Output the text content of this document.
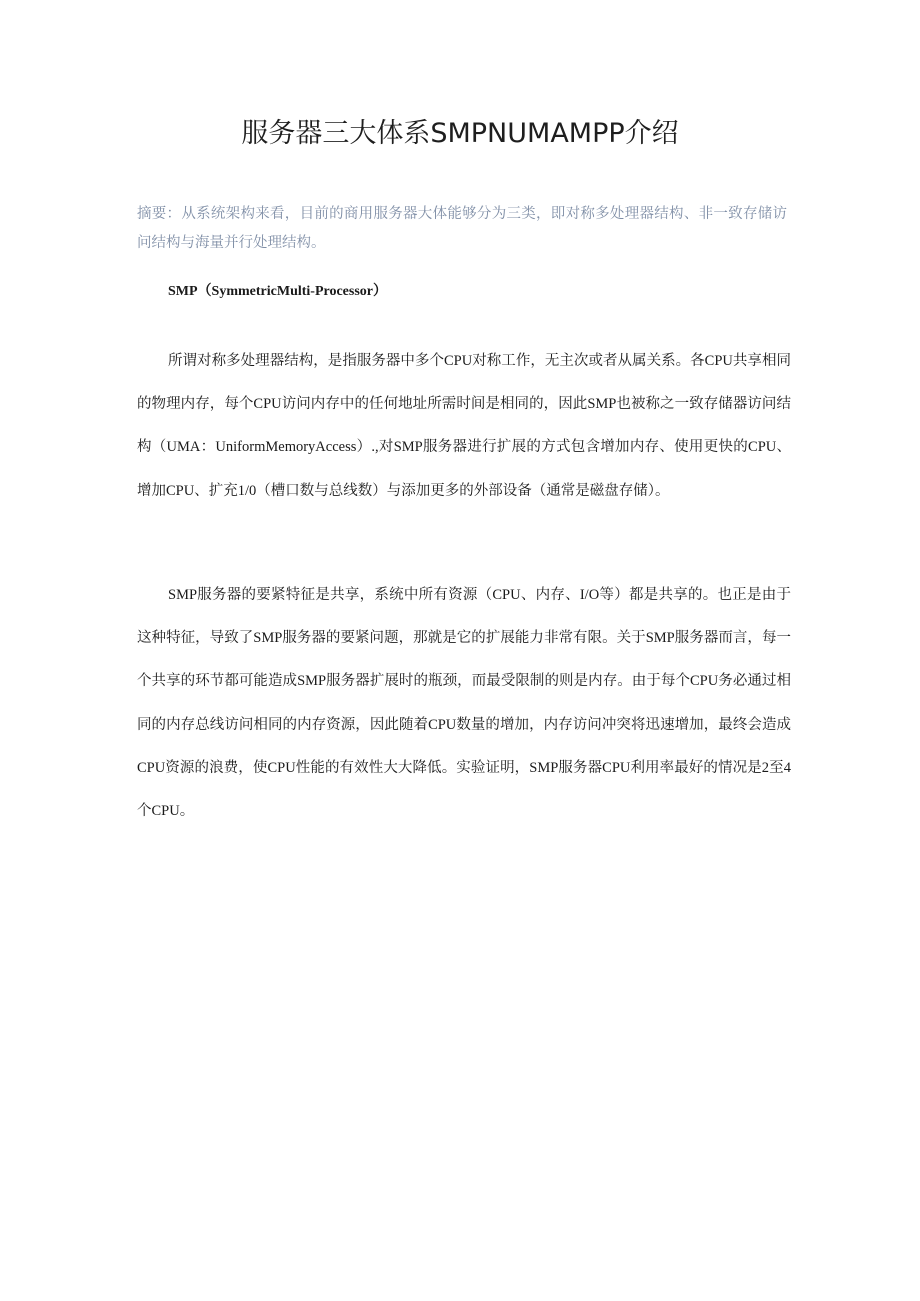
服务器三大体系SMPNUMAMPP介绍

摘要：从系统架构来看，目前的商用服务器大体能够分为三类，即对称多处理器结构、非一致存储访问结构与海量并行处理结构。

SMP（SymmetricMulti-Processor）

所谓对称多处理器结构，是指服务器中多个CPU对称工作，无主次或者从属关系。各CPU共享相同的物理内存，每个CPU访问内存中的任何地址所需时间是相同的，因此SMP也被称之一致存储器访问结构（UMA：UniformMemoryAccess）.,对SMP服务器进行扩展的方式包含增加内存、使用更快的CPU、增加CPU、扩充1/0（槽口数与总线数）与添加更多的外部设备（通常是磁盘存储）。

SMP服务器的要紧特征是共享，系统中所有资源（CPU、内存、I/O等）都是共享的。也正是由于这种特征，导致了SMP服务器的要紧问题，那就是它的扩展能力非常有限。关于SMP服务器而言，每一个共享的环节都可能造成SMP服务器扩展时的瓶颈，而最受限制的则是内存。由于每个CPU务必通过相同的内存总线访问相同的内存资源，因此随着CPU数量的增加，内存访问冲突将迅速增加，最终会造成CPU资源的浪费，使CPU性能的有效性大大降低。实验证明，SMP服务器CPU利用率最好的情况是2至4个CPU。
